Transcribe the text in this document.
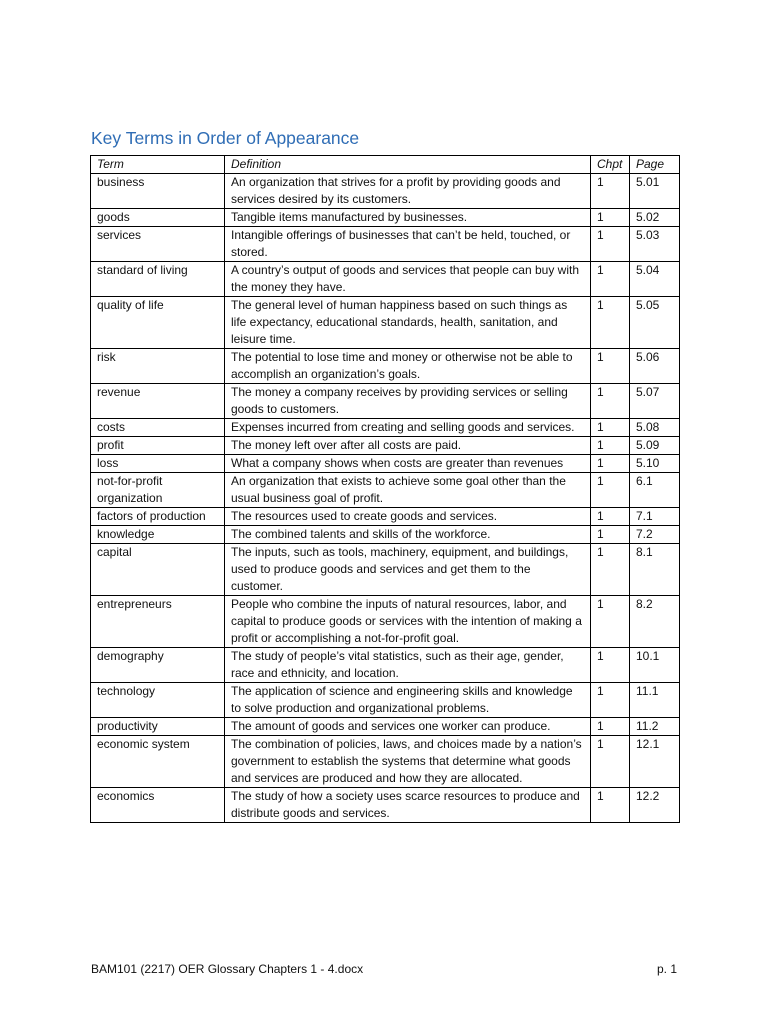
Key Terms in Order of Appearance
Term	Definition	Chpt	Page
business	An organization that strives for a profit by providing goods and services desired by its customers.	1	5.01
goods	Tangible items manufactured by businesses.	1	5.02
services	Intangible offerings of businesses that can’t be held, touched, or stored.	1	5.03
standard of living	A country’s output of goods and services that people can buy with the money they have.	1	5.04
quality of life	The general level of human happiness based on such things as life expectancy, educational standards, health, sanitation, and leisure time.	1	5.05
risk	The potential to lose time and money or otherwise not be able to accomplish an organization’s goals.	1	5.06
revenue	The money a company receives by providing services or selling goods to customers.	1	5.07
costs	Expenses incurred from creating and selling goods and services.	1	5.08
profit	The money left over after all costs are paid.	1	5.09
loss	What a company shows when costs are greater than revenues	1	5.10
not-for-profit organization	An organization that exists to achieve some goal other than the usual business goal of profit.	1	6.1
factors of production	The resources used to create goods and services.	1	7.1
knowledge	The combined talents and skills of the workforce.	1	7.2
capital	The inputs, such as tools, machinery, equipment, and buildings, used to produce goods and services and get them to the customer.	1	8.1
entrepreneurs	People who combine the inputs of natural resources, labor, and capital to produce goods or services with the intention of making a profit or accomplishing a not-for-profit goal.	1	8.2
demography	The study of people’s vital statistics, such as their age, gender, race and ethnicity, and location.	1	10.1
technology	The application of science and engineering skills and knowledge to solve production and organizational problems.	1	11.1
productivity	The amount of goods and services one worker can produce.	1	11.2
economic system	The combination of policies, laws, and choices made by a nation’s government to establish the systems that determine what goods and services are produced and how they are allocated.	1	12.1
economics	The study of how a society uses scarce resources to produce and distribute goods and services.	1	12.2
BAM101 (2217) OER Glossary Chapters 1 - 4.docx	p. 1
